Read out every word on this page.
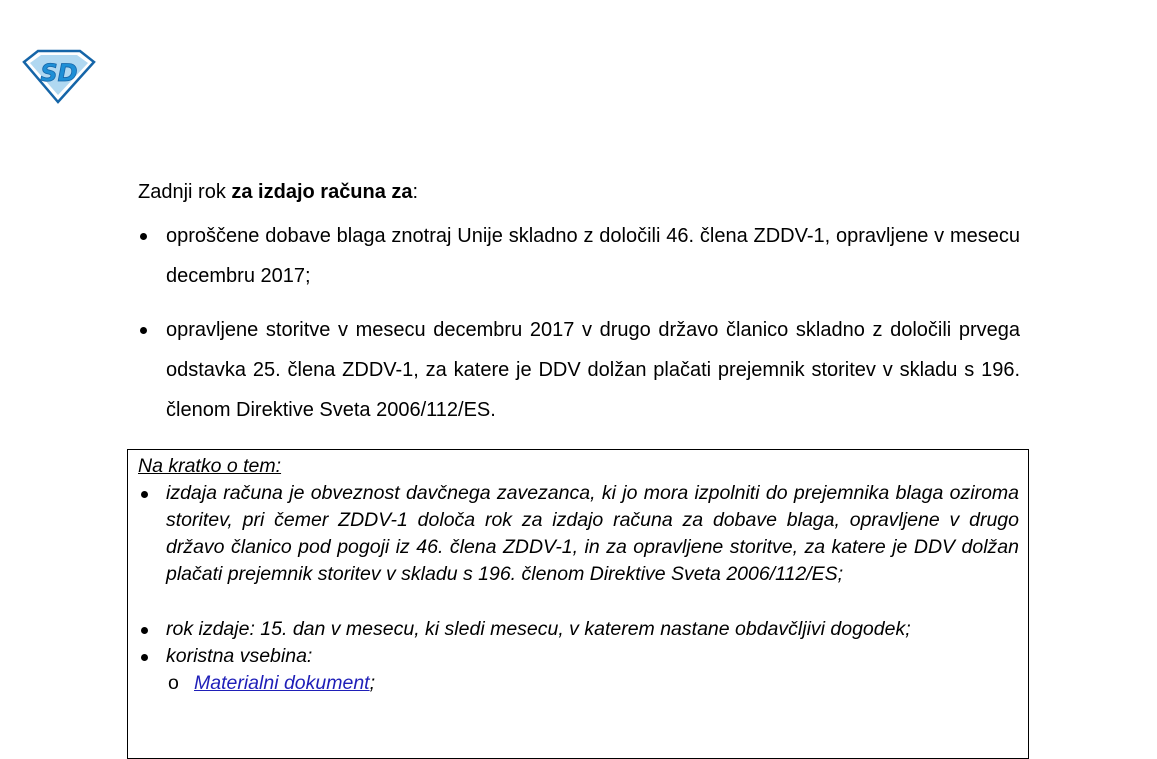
SD

Zadnji rok za izdajo računa za:

oproščene dobave blaga znotraj Unije skladno z določili 46. člena ZDDV-1, opravljene v mesecu decembru 2017;
opravljene storitve v mesecu decembru 2017 v drugo državo članico skladno z določili prvega odstavka 25. člena ZDDV-1, za katere je DDV dolžan plačati prejemnik storitev v skladu s 196. členom Direktive Sveta 2006/112/ES.

Na kratko o tem:

izdaja računa je obveznost davčnega zavezanca, ki jo mora izpolniti do prejemnika blaga oziroma storitev, pri čemer ZDDV-1 določa rok za izdajo računa za dobave blaga, opravljene v drugo državo članico pod pogoji iz 46. člena ZDDV-1, in za opravljene storitve, za katere je DDV dolžan plačati prejemnik storitev v skladu s 196. členom Direktive Sveta 2006/112/ES;
rok izdaje: 15. dan v mesecu, ki sledi mesecu, v katerem nastane obdavčljivi dogodek;
koristna vsebina:
o Materialni dokument;
